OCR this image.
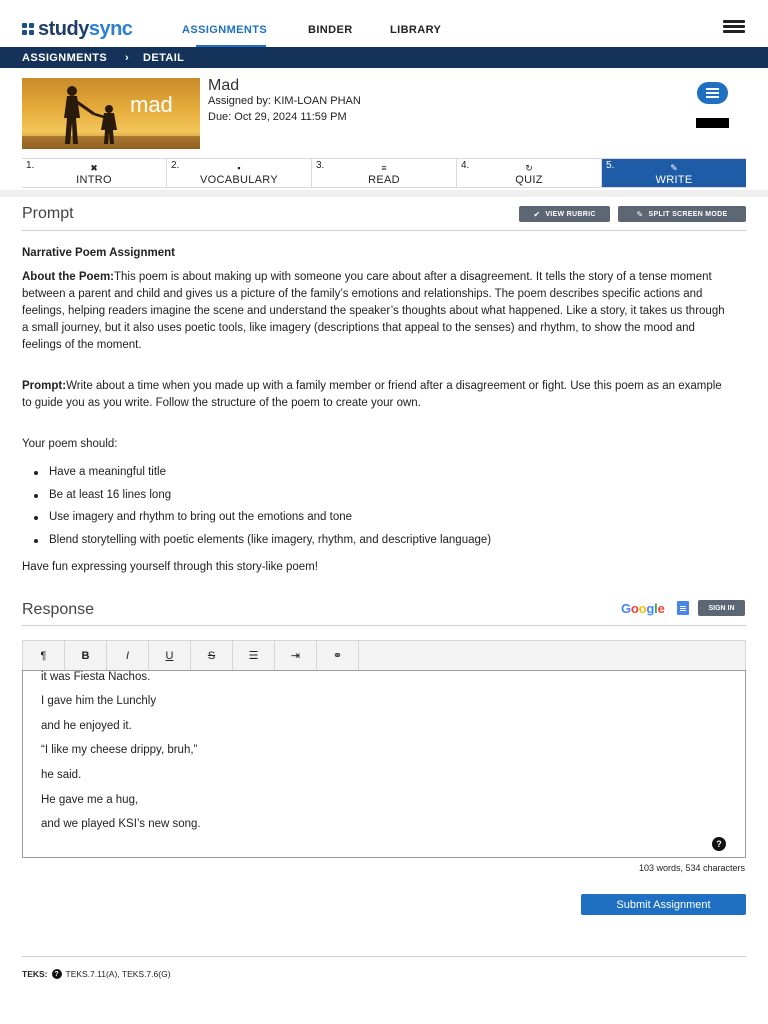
studysync	ASSIGNMENTS	BINDER	LIBRARY
ASSIGNMENTS › DETAIL
mad
Mad
Assigned by: KIM-LOAN PHAN
Due: Oct 29, 2024 11:59 PM
1.	✖
INTRO
2.	▪
VOCABULARY
3.	≡
READ
4.	↻
QUIZ
5.	✎
WRITE
Prompt	✔ VIEW RUBRIC	✎ SPLIT SCREEN MODE
Narrative Poem Assignment
About the Poem:This poem is about making up with someone you care about after a disagreement. It tells the story of a tense moment between a parent and child and gives us a picture of the family’s emotions and relationships. The poem describes specific actions and feelings, helping readers imagine the scene and understand the speaker’s thoughts about what happened. Like a story, it takes us through a small journey, but it also uses poetic tools, like imagery (descriptions that appeal to the senses) and rhythm, to show the mood and feelings of the moment.
Prompt:Write about a time when you made up with a family member or friend after a disagreement or fight. Use this poem as an example to guide you as you write. Follow the structure of the poem to create your own.
Your poem should:
Have a meaningful title
Be at least 16 lines long
Use imagery and rhythm to bring out the emotions and tone
Blend storytelling with poetic elements (like imagery, rhythm, and descriptive language)
Have fun expressing yourself through this story-like poem!
Response	Google	SIGN IN
¶	B	I	U	S	☰	⇥	⚭
it was Fiesta Nachos.
I gave him the Lunchly
and he enjoyed it.
“I like my cheese drippy, bruh,”
he said.
He gave me a hug,
and we played KSI’s new song.
?
103 words, 534 characters
Submit Assignment
TEKS: ? TEKS.7.11(A), TEKS.7.6(G)
